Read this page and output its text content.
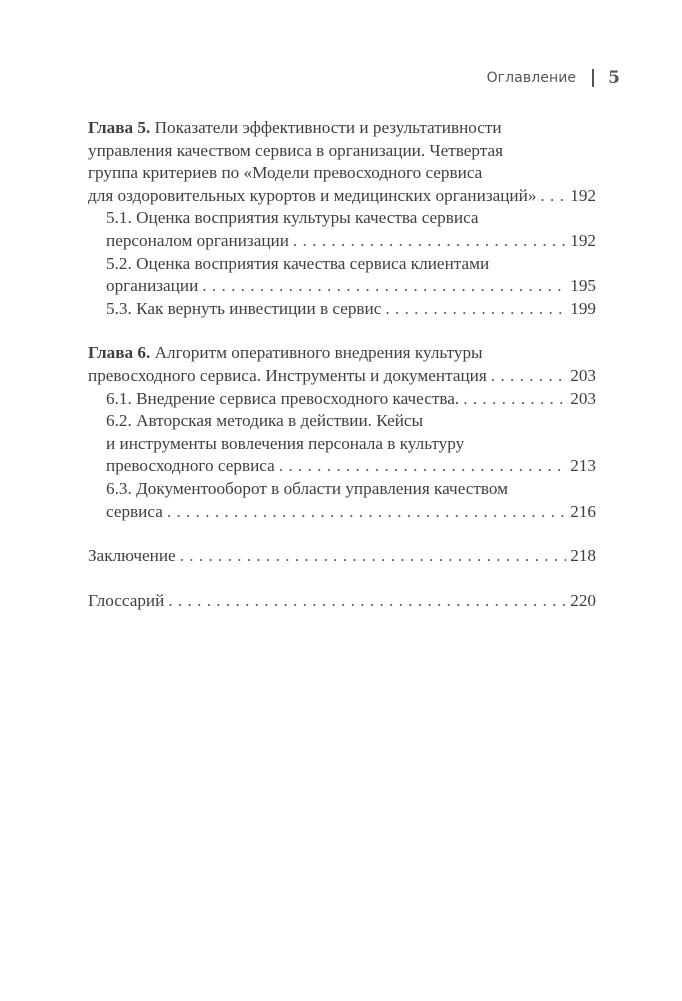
Оглавление 5
Глава 5. Показатели эффективности и результативности
управления качеством сервиса в организации. Четвертая
группа критериев по «Модели превосходного сервиса
для оздоровительных курортов и медицинских организаций» . . . 192
5.1. Оценка восприятия культуры качества сервиса
персоналом организации . . .	192
5.2. Оценка восприятия качества сервиса клиентами
организации . . .	195
5.3. Как вернуть инвестиции в сервис . . .	199
Глава 6. Алгоритм оперативного внедрения культуры
превосходного сервиса. Инструменты и документация . . .	203
6.1. Внедрение сервиса превосходного качества. . . .	203
6.2. Авторская методика в действии. Кейсы
и инструменты вовлечения персонала в культуру
превосходного сервиса . . .	213
6.3. Документооборот в области управления качеством
сервиса . . .	216
Заключение . . .	218
Глоссарий . . .	220
